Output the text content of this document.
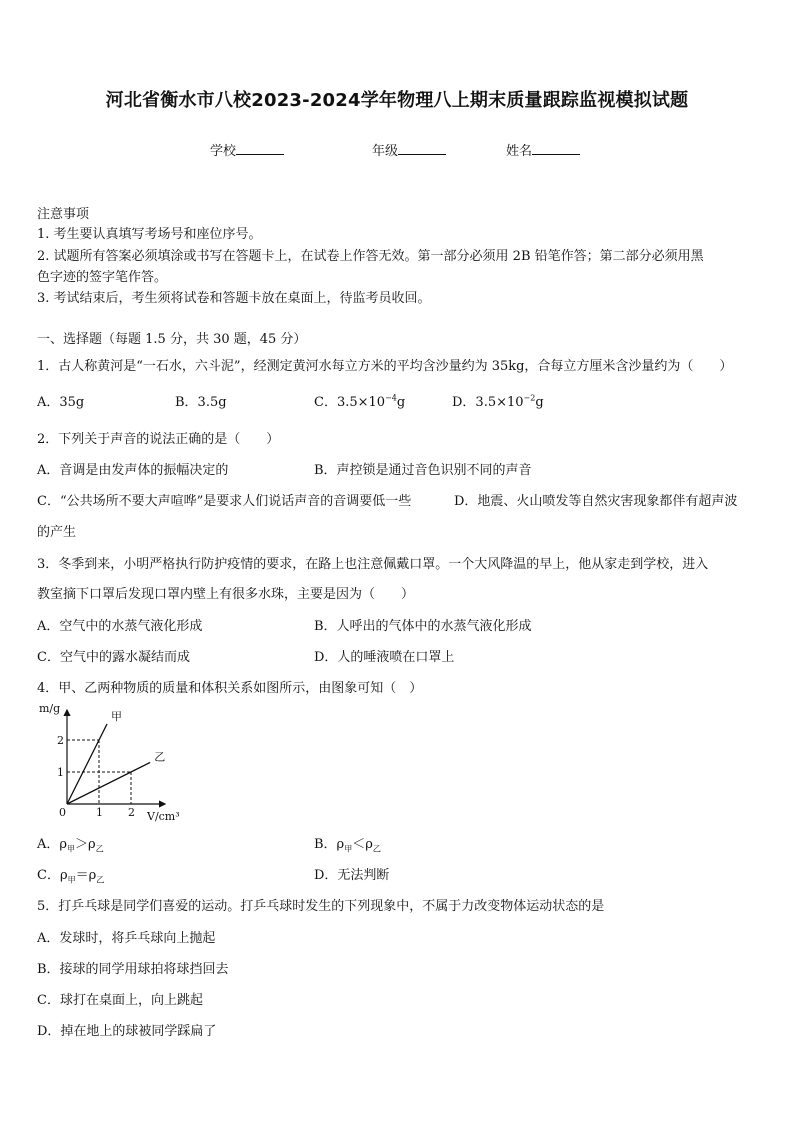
河北省衡水市八校2023-2024学年物理八上期末质量跟踪监视模拟试题
学校	年级	姓名
注意事项
1. 考生要认真填写考场号和座位序号。
2. 试题所有答案必须填涂或书写在答题卡上，在试卷上作答无效。第一部分必须用 2B 铅笔作答；第二部分必须用黑
色字迹的签字笔作答。
3. 考试结束后，考生须将试卷和答题卡放在桌面上，待监考员收回。
一、选择题（每题 1.5 分，共 30 题，45 分）
1．古人称黄河是“一石水，六斗泥”，经测定黄河水每立方米的平均含沙量约为 35kg，合每立方厘米含沙量约为（　　）
A．35g	B．3.5g	C．$3.5\times 10^{-4}g$	D．$3.5\times 10^{-2}g$
2．下列关于声音的说法正确的是（　　）
A．音调是由发声体的振幅决定的	B．声控锁是通过音色识别不同的声音
C．“公共场所不要大声喧哗”是要求人们说话声音的音调要低一些	D．地震、火山喷发等自然灾害现象都伴有超声波
的产生
3．冬季到来，小明严格执行防护疫情的要求，在路上也注意佩戴口罩。一个大风降温的早上，他从家走到学校，进入
教室摘下口罩后发现口罩内壁上有很多水珠，主要是因为（　　）
A．空气中的水蒸气液化形成	B．人呼出的气体中的水蒸气液化形成
C．空气中的露水凝结而成	D．人的唾液喷在口罩上
4．甲、乙两种物质的质量和体积关系如图所示，由图象可知（　）
甲
乙
1 2
1
2
0	V/cm³
m/g
A．$\rho_甲>\rho_乙$	B．$\rho_甲<\rho_乙$
C．$\rho_甲=\rho_乙$	D．无法判断
5．打乒乓球是同学们喜爱的运动。打乒乓球时发生的下列现象中，不属于力改变物体运动状态的是
A．发球时，将乒乓球向上抛起
B．接球的同学用球拍将球挡回去
C．球打在桌面上，向上跳起
D．掉在地上的球被同学踩扁了
